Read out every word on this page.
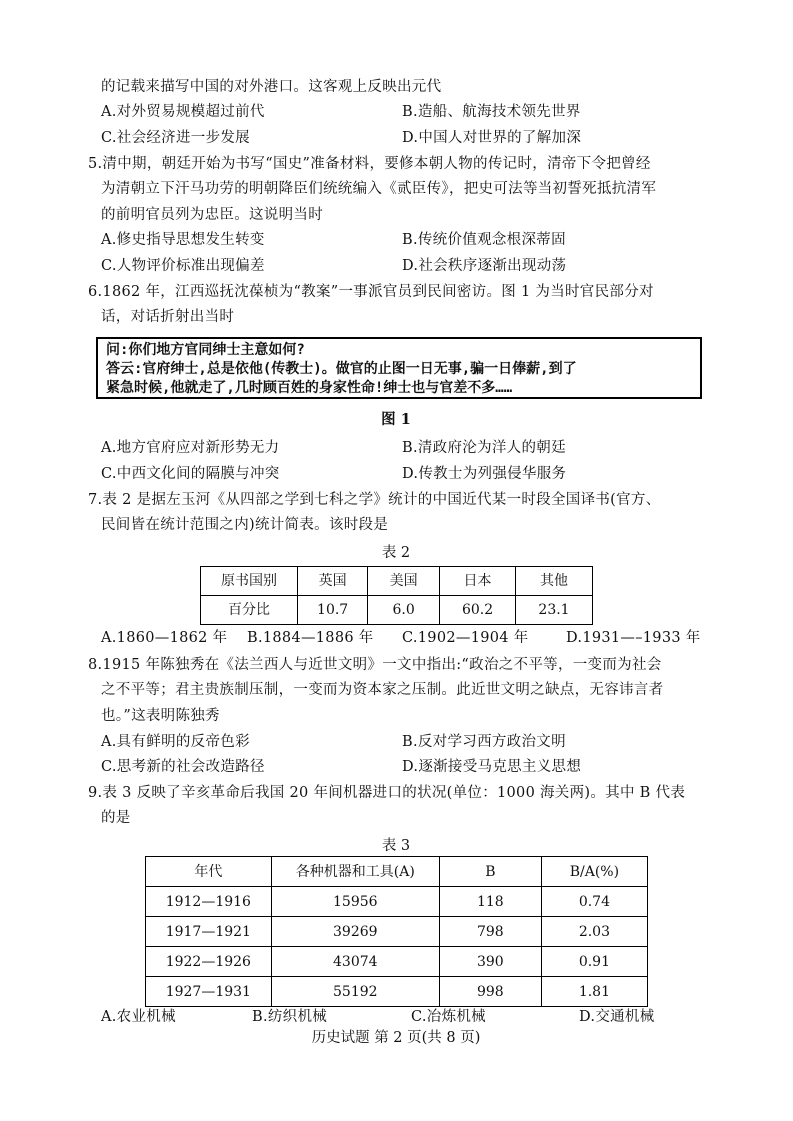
的记载来描写中国的对外港口。这客观上反映出元代
A.对外贸易规模超过前代	B.造船、航海技术领先世界
C.社会经济进一步发展	D.中国人对世界的了解加深
5.清中期，朝廷开始为书写“国史”准备材料，要修本朝人物的传记时，清帝下令把曾经
为清朝立下汗马功劳的明朝降臣们统统编入《贰臣传》，把史可法等当初誓死抵抗清军
的前明官员列为忠臣。这说明当时
A.修史指导思想发生转变	B.传统价值观念根深蒂固
C.人物评价标准出现偏差	D.社会秩序逐渐出现动荡
6.1862 年，江西巡抚沈葆桢为“教案”一事派官员到民间密访。图 1 为当时官民部分对
话，对话折射出当时
问:你们地方官同绅士主意如何?
答云:官府绅士,总是依他(传教士)。做官的止图一日无事,骗一日俸薪,到了
紧急时候,他就走了,几时顾百姓的身家性命!绅士也与官差不多……
图 1
A.地方官府应对新形势无力	B.清政府沦为洋人的朝廷
C.中西文化间的隔膜与冲突	D.传教士为列强侵华服务
7.表 2 是据左玉河《从四部之学到七科之学》统计的中国近代某一时段全国译书(官方、
民间皆在统计范围之内)统计简表。该时段是
表 2
原书国别	英国	美国	日本	其他
百分比	10.7	6.0	60.2	23.1
A.1860—1862 年 B.1884—1886 年 C.1902—1904 年	D.1931—–1933 年
8.1915 年陈独秀在《法兰西人与近世文明》一文中指出:“政治之不平等，一变而为社会
之不平等；君主贵族制压制，一变而为资本家之压制。此近世文明之缺点，无容讳言者
也。”这表明陈独秀
A.具有鲜明的反帝色彩	B.反对学习西方政治文明
C.思考新的社会改造路径	D.逐渐接受马克思主义思想
9.表 3 反映了辛亥革命后我国 20 年间机器进口的状况(单位：1000 海关两)。其中 B 代表
的是
表 3
年代	各种机器和工具(A)	B	B/A(%)
1912—1916	15956	118	0.74
1917—1921	39269	798	2.03
1922—1926	43074	390	0.91
1927—1931	55192	998	1.81
A.农业机械	B.纺织机械	C.冶炼机械	D.交通机械
历史试题 第 2 页(共 8 页)
